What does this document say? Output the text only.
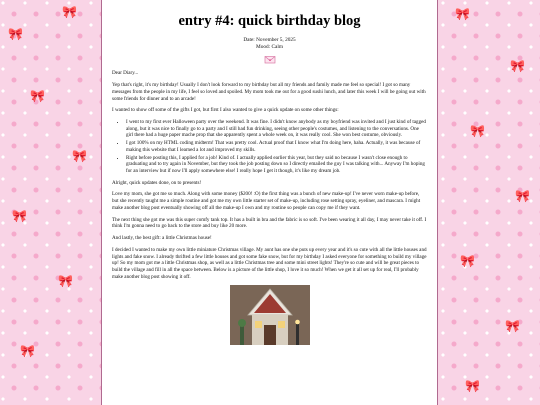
🎀
🎀
🎀
🎀
🎀
🎀
🎀
🎀
🎀
🎀
🎀
🎀
🎀
🎀
entry #4: quick birthday blog
Date: November 5, 2025
Mood: Calm

Dear Diary...

Yep that's right, it's my birthday! Usually I don't look forward to my birthday but all my friends and family made me feel so special! I got so many messages from the people in my life, I feel so loved and spoiled. My mom took me out for a good sushi lunch, and later this week I will be going out with some friends for dinner and to an arcade!

I wanted to show off some of the gifts I got, but first I also wanted to give a quick update on some other things:

• I went to my first ever Halloween party over the weekend. It was fine. I didn't know anybody as my boyfriend was invited and I just kind of tagged along, but it was nice to finally go to a party and I still had fun drinking, seeing other people's costumes, and listening to the conversations. One girl there had a huge paper mache prop that she apparently spent a whole week on, it was really cool. She won best costume, obviously.
• I got 100% on my HTML coding midterm! That was pretty cool. Actual proof that I know what I'm doing here, haha. Actually, it was because of making this website that I learned a lot and improved my skills.
• Right before posting this, I applied for a job! Kind of. I actually applied earlier this year, but they said no because I wasn't close enough to graduating and to try again in November, but they took the job posting down so I directly emailed the guy I was talking with... Anyway I'm hoping for an interview but if now I'll apply somewhere else! I really hope I get it though, it's like my dream job.

Alright, quick updates done, on to presents!

Love my mom, she got me so much. Along with some money ($200! :O) the first thing was a bunch of new make-up! I've never worn make-up before, but she recently taught me a simple routine and got me my own little starter set of make-up, including rose setting spray, eyeliner, and mascara. I might make another blog post eventually showing off all the make-up I own and my routine so people can copy me if they want.

The next thing she got me was this super comfy tank top. It has a built in bra and the fabric is so soft. I've been wearing it all day, I may never take it off. I think I'm gonna need to go back to the store and buy like 20 more.

And lastly, the best gift: a little Christmas house!

I decided I wanted to make my own little miniature Christmas village. My aunt has one she puts up every year and it's so cute with all the little houses and lights and fake snow. I already thrifted a few little houses and got some fake snow, but for my birthday I asked everyone for something to build my village up! So my mom got me a little Christmas shop, as well as a little Christmas tree and some mini street lights! They're so cute and will be great pieces to build the village and fill in all the space between. Below is a picture of the little shop, I love it so much! When we get it all set up for real, I'll probably make another blog post showing it off.
